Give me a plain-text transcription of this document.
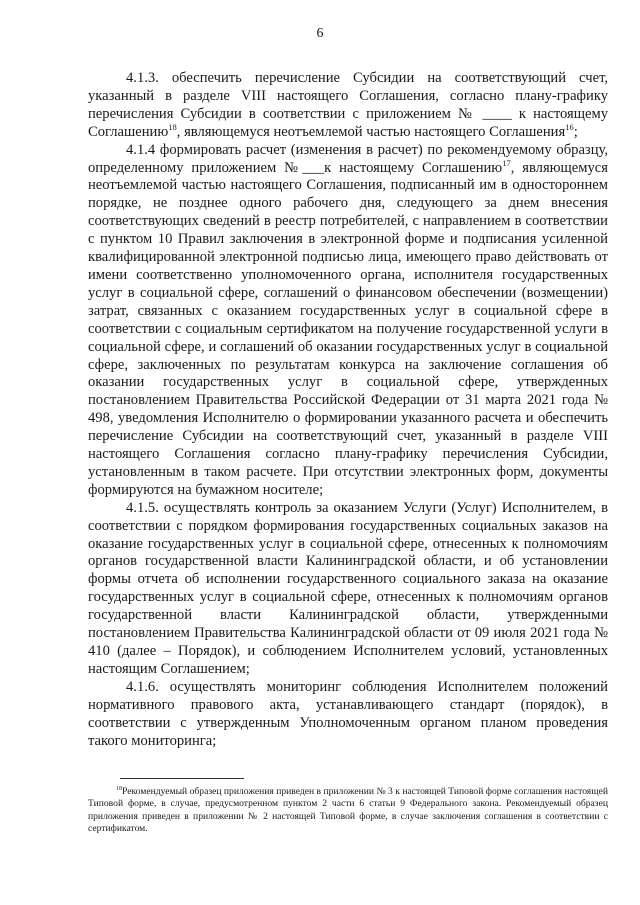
6

4.1.3. обеспечить перечисление Субсидии на соответствующий счет, указанный в разделе VIII настоящего Соглашения, согласно плану-графику перечисления Субсидии в соответствии с приложением № ____ к настоящему Соглашению$^{18}$, являющемуся неотъемлемой частью настоящего Соглашения$^{16}$;

4.1.4 формировать расчет (изменения в расчет) по рекомендуемому образцу, определенному приложением №___к настоящему Соглашению$^{17}$, являющемуся неотъемлемой частью настоящего Соглашения, подписанный им в одностороннем порядке, не позднее одного рабочего дня, следующего за днем внесения соответствующих сведений в реестр потребителей, с направлением в соответствии с пунктом 10 Правил заключения в электронной форме и подписания усиленной квалифицированной электронной подписью лица, имеющего право действовать от имени соответственно уполномоченного органа, исполнителя государственных услуг в социальной сфере, соглашений о финансовом обеспечении (возмещении) затрат, связанных с оказанием государственных услуг в социальной сфере в соответствии с социальным сертификатом на получение государственной услуги в социальной сфере, и соглашений об оказании государственных услуг в социальной сфере, заключенных по результатам конкурса на заключение соглашения об оказании государственных услуг в социальной сфере, утвержденных постановлением Правительства Российской Федерации от 31 марта 2021 года № 498, уведомления Исполнителю о формировании указанного расчета и обеспечить перечисление Субсидии на соответствующий счет, указанный в разделе VIII настоящего Соглашения согласно плану-графику перечисления Субсидии, установленным в таком расчете. При отсутствии электронных форм, документы формируются на бумажном носителе;

4.1.5. осуществлять контроль за оказанием Услуги (Услуг) Исполнителем, в соответствии с порядком формирования государственных социальных заказов на оказание государственных услуг в социальной сфере, отнесенных к полномочиям органов государственной власти Калининградской области, и об установлении формы отчета об исполнении государственного социального заказа на оказание государственных услуг в социальной сфере, отнесенных к полномочиям органов государственной власти Калининградской области, утвержденными постановлением Правительства Калининградской области от 09 июля 2021 года № 410 (далее – Порядок), и соблюдением Исполнителем условий, установленных настоящим Соглашением;

4.1.6. осуществлять мониторинг соблюдения Исполнителем положений нормативного правового акта, устанавливающего стандарт (порядок), в соответствии с утвержденным Уполномоченным органом планом проведения такого мониторинга;

$^{18}$Рекомендуемый образец приложения приведен в приложении № 3 к настоящей Типовой форме соглашения настоящей Типовой форме, в случае, предусмотренном пунктом 2 части 6 статьи 9 Федерального закона. Рекомендуемый образец приложения приведен в приложении № 2 настоящей Типовой форме, в случае заключения соглашения в соответствии с сертификатом.
